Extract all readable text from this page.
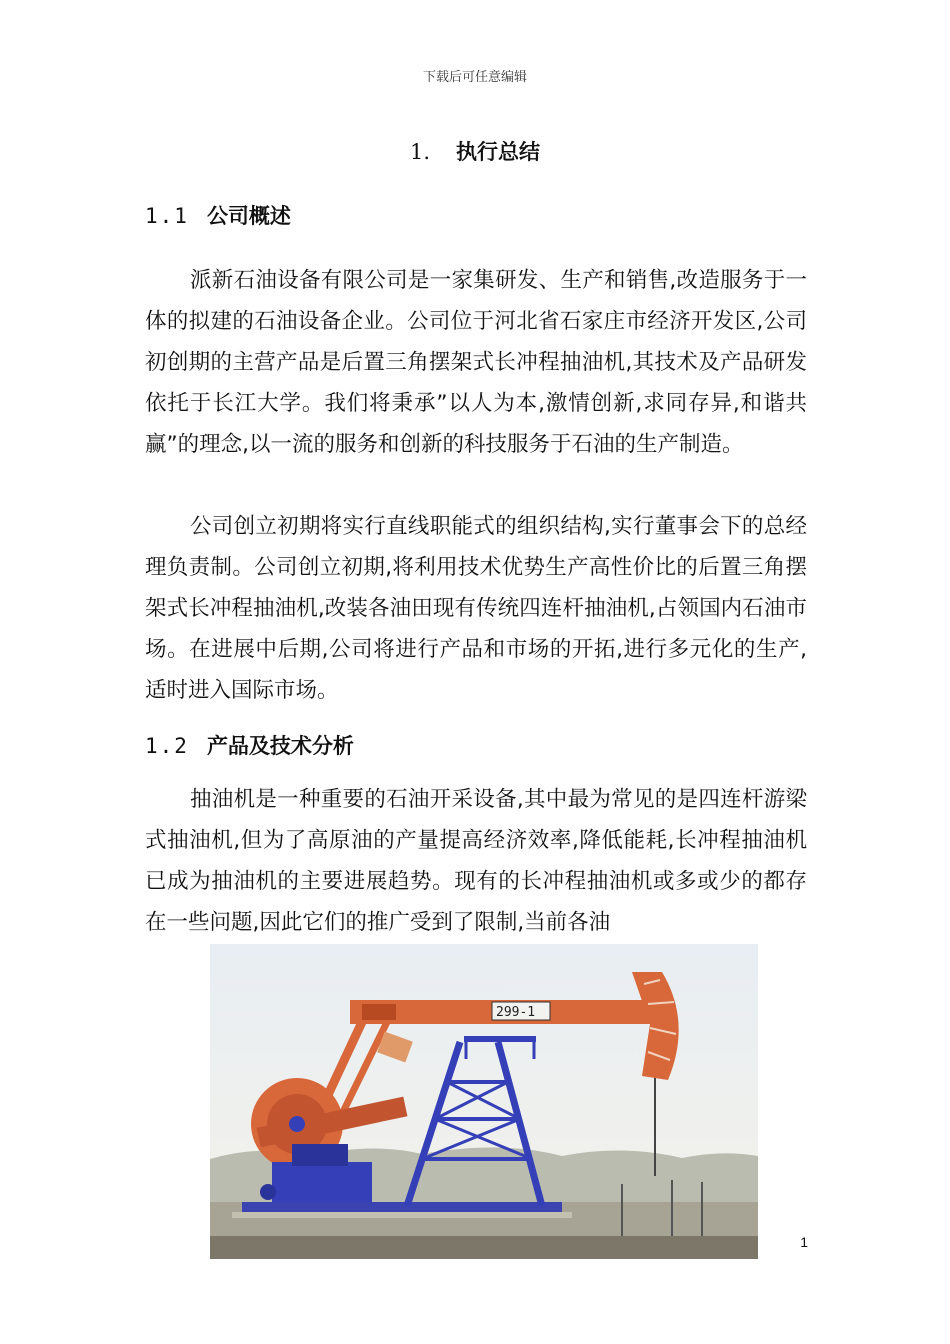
下载后可任意编辑
1. 执行总结
1.1 公司概述
派新石油设备有限公司是一家集研发、生产和销售,改造服务于一体的拟建的石油设备企业。公司位于河北省石家庄市经济开发区,公司初创期的主营产品是后置三角摆架式长冲程抽油机,其技术及产品研发依托于长江大学。我们将秉承”以人为本,激情创新,求同存异,和谐共赢”的理念,以一流的服务和创新的科技服务于石油的生产制造。
公司创立初期将实行直线职能式的组织结构,实行董事会下的总经理负责制。公司创立初期,将利用技术优势生产高性价比的后置三角摆架式长冲程抽油机,改装各油田现有传统四连杆抽油机,占领国内石油市场。在进展中后期,公司将进行产品和市场的开拓,进行多元化的生产,适时进入国际市场。
1.2 产品及技术分析
抽油机是一种重要的石油开采设备,其中最为常见的是四连杆游梁式抽油机,但为了高原油的产量提高经济效率,降低能耗,长冲程抽油机已成为抽油机的主要进展趋势。现有的长冲程抽油机或多或少的都存在一些问题,因此它们的推广受到了限制,当前各油
299-1
1
